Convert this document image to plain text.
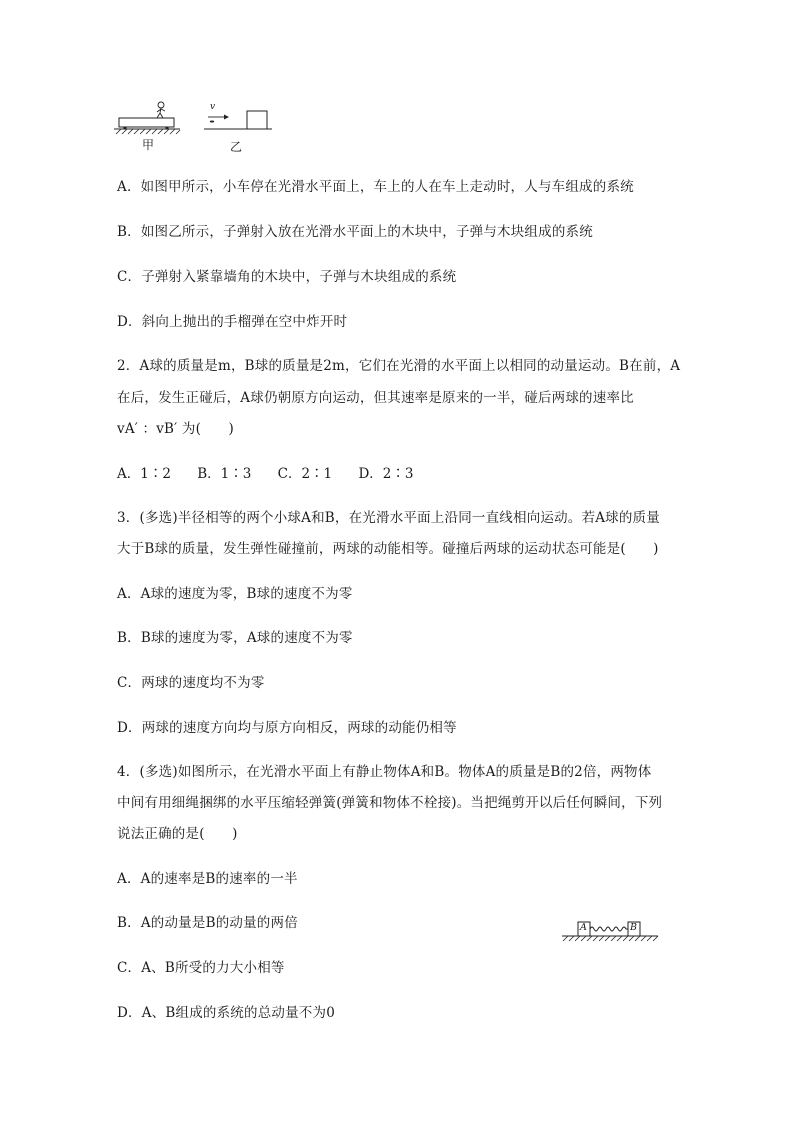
甲	乙
v
A．如图甲所示，小车停在光滑水平面上，车上的人在车上走动时，人与车组成的系统
B．如图乙所示，子弹射入放在光滑水平面上的木块中，子弹与木块组成的系统
C．子弹射入紧靠墙角的木块中，子弹与木块组成的系统
D．斜向上抛出的手榴弹在空中炸开时
2．A球的质量是m，B球的质量是2m，它们在光滑的水平面上以相同的动量运动。B在前，A
在后，发生正碰后，A球仍朝原方向运动，但其速率是原来的一半，碰后两球的速率比
vA′ ：vB′ 为(　　)
A．1∶2 B．1∶3 C．2∶1 D．2∶3
3．(多选)半径相等的两个小球A和B，在光滑水平面上沿同一直线相向运动。若A球的质量
大于B球的质量，发生弹性碰撞前，两球的动能相等。碰撞后两球的运动状态可能是(　　)
A．A球的速度为零，B球的速度不为零
B．B球的速度为零，A球的速度不为零
C．两球的速度均不为零
D．两球的速度方向均与原方向相反，两球的动能仍相等
4．(多选)如图所示，在光滑水平面上有静止物体A和B。物体A的质量是B的2倍，两物体
中间有用细绳捆绑的水平压缩轻弹簧(弹簧和物体不栓接)。当把绳剪开以后任何瞬间，下列
说法正确的是(　　)
A．A的速率是B的速率的一半
B．A的动量是B的动量的两倍
C．A、B所受的力大小相等
D．A、B组成的系统的总动量不为0
A	B
